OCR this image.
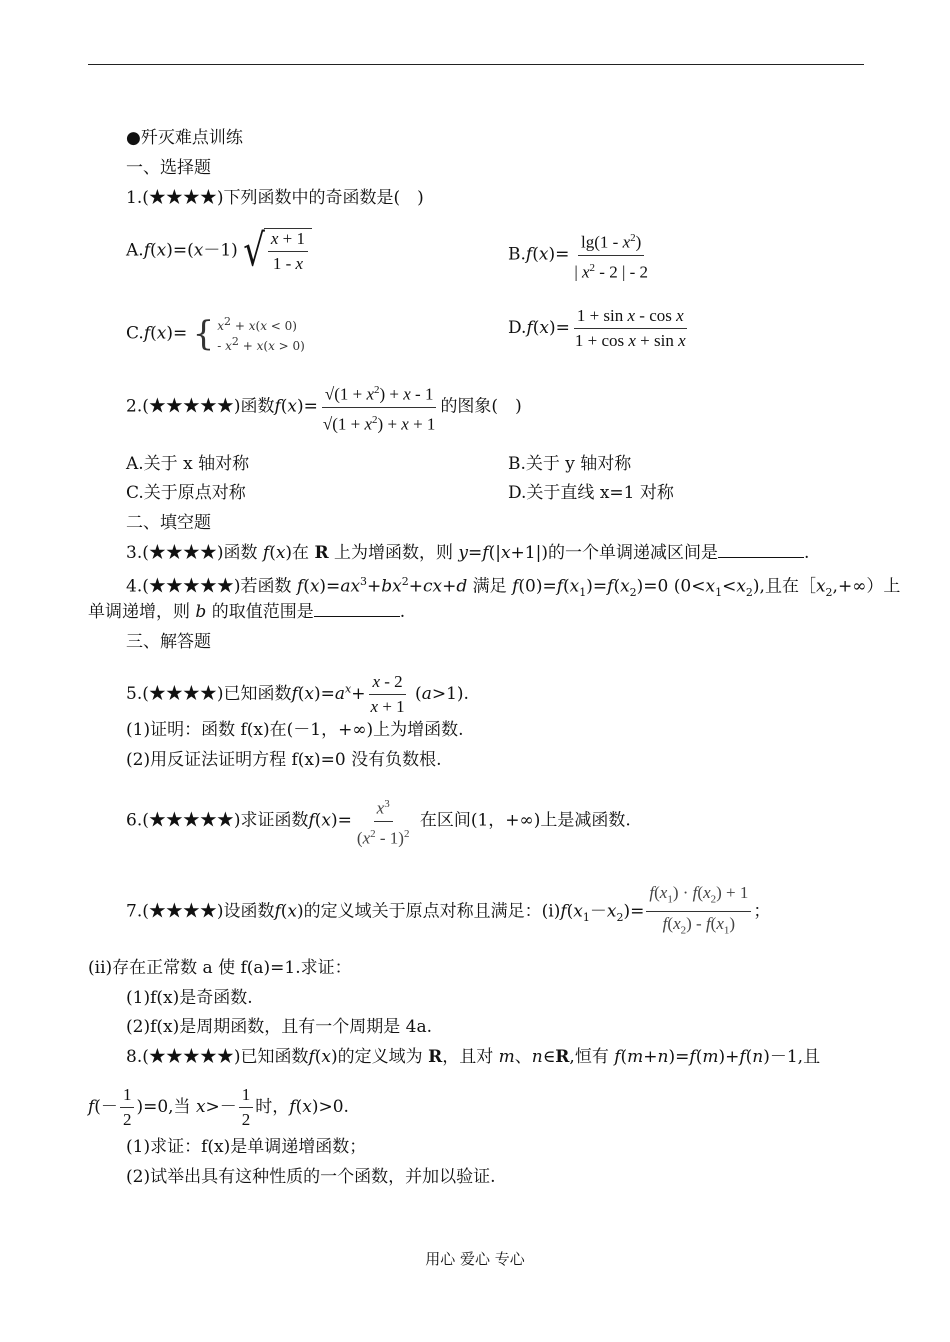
●歼灭难点训练
一、选择题
1.(★★★★)下列函数中的奇函数是(　)
A.f(x)=(x－1) √ $\frac{x + 1}{1 - x}$	$B.f(x)= \frac{\lg(1 - x^2)}{| x^2 - 2 | - 2}$
C.f(x)= { $x^2 + x(x < 0)$
- $x^2 + x(x > 0)$
$D.f(x)= \frac{\text{1 + sin x - cos x}}{\text{1 + cos x + sin x}}$
2.(★★★★★)函数$f(x)= \frac{√(1 + x^2) + x - 1}{√(1 + x^2) + x + 1}$ 的图象(　)
A.关于 x 轴对称	B.关于 y 轴对称
C.关于原点对称	D.关于直线 x=1 对称
二、填空题
3.(★★★★)函数 f(x)在 R 上为增函数，则 y=f(|x+1|)的一个单调递减区间是	.
4.(★★★★★)若函数 $f(x)=ax^3+bx^2+cx+d$ 满足 $f(0)=f(x_1)=f(x_2)=0$ $(0<x_1<x_2)$,且在$[x_2,+\infty$）上
单调递增，则 b 的取值范围是	.
三、解答题
5.(★★★★)已知函数$f(x)=a^x+ \frac{x - 2}{x + 1} (a>1)$.
(1)证明：函数 f(x)在(－1，+∞)上为增函数.
(2)用反证法证明方程 f(x)=0 没有负数根.
6.(★★★★★)求证函数$f(x)= \frac{x^3}{(x^2 - 1)^2}$ 在区间(1，+∞)上是减函数.
7.(★★★★)设函数f(x)的定义域关于原点对称且满足：$(i)f(x_1-x_2)= \frac{f(x_1) \cdot f(x_2) + 1}{f(x_2) - f(x_1)}$ ；
(ii)存在正常数 a 使 f(a)=1.求证：
(1)f(x)是奇函数.
(2)f(x)是周期函数，且有一个周期是 4a.
8.(★★★★★)已知函数f(x)的定义域为 R，且对 m、n∈R,恒有 f(m+n)=f(m)+f(n)－1,且
$f(- \frac{1}{2} )=0$,当 $x>- \frac{1}{2}$ 时，f(x)>0.
(1)求证：f(x)是单调递增函数；
(2)试举出具有这种性质的一个函数，并加以验证.
用心 爱心 专心
